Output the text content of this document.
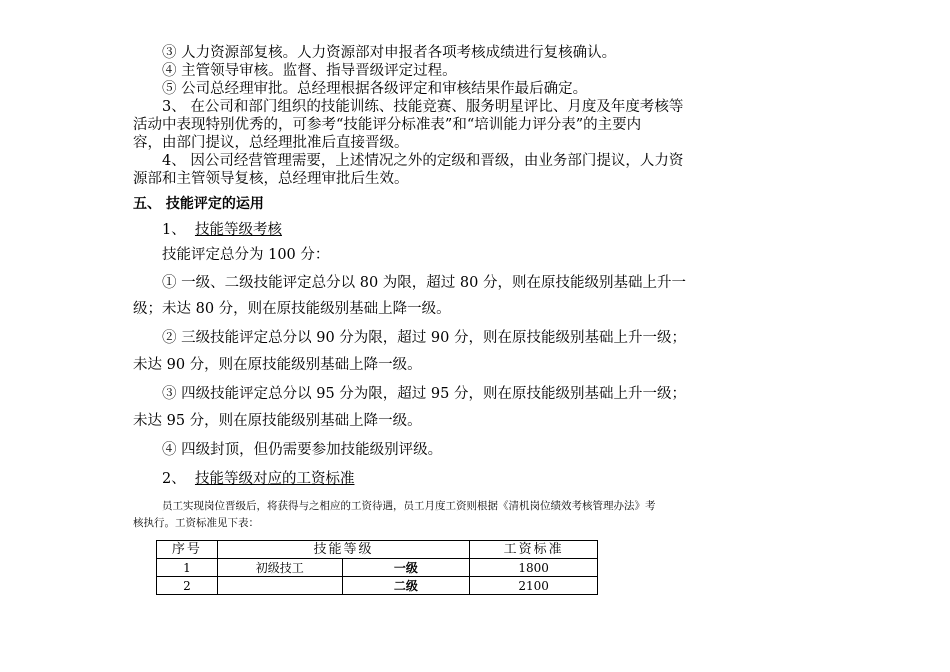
③ 人力资源部复核。人力资源部对申报者各项考核成绩进行复核确认。
④ 主管领导审核。监督、指导晋级评定过程。
⑤ 公司总经理审批。总经理根据各级评定和审核结果作最后确定。
3、 在公司和部门组织的技能训练、技能竞赛、服务明星评比、月度及年度考核等
活动中表现特别优秀的，可参考“技能评分标准表”和“培训能力评分表”的主要内
容，由部门提议，总经理批准后直接晋级。
4、 因公司经营管理需要，上述情况之外的定级和晋级，由业务部门提议，人力资
源部和主管领导复核，总经理审批后生效。
五、 技能评定的运用
1、 技能等级考核
技能评定总分为 100 分：
① 一级、二级技能评定总分以 80 为限，超过 80 分，则在原技能级别基础上升一
级；未达 80 分，则在原技能级别基础上降一级。
② 三级技能评定总分以 90 分为限，超过 90 分，则在原技能级别基础上升一级；
未达 90 分，则在原技能级别基础上降一级。
③ 四级技能评定总分以 95 分为限，超过 95 分，则在原技能级别基础上升一级；
未达 95 分，则在原技能级别基础上降一级。
④ 四级封顶，但仍需要参加技能级别评级。
2、 技能等级对应的工资标准
员工实现岗位晋级后，将获得与之相应的工资待遇，员工月度工资则根据《清机岗位绩效考核管理办法》考
核执行。工资标准见下表：
序号	技能等级		工资标准
1	初级技工	一级	1800
2		二级	2100
